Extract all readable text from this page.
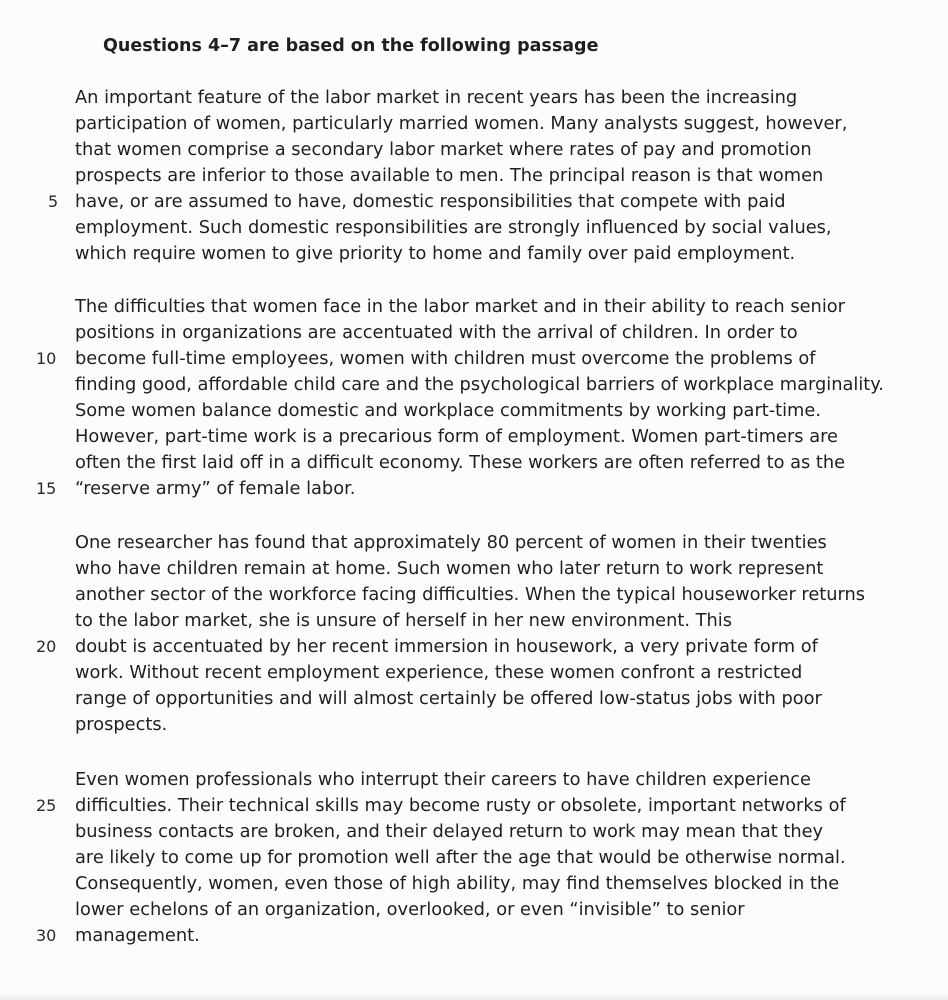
Questions 4–7 are based on the following passage
An important feature of the labor market in recent years has been the increasing
participation of women, particularly married women. Many analysts suggest, however,
that women comprise a secondary labor market where rates of pay and promotion
prospects are inferior to those available to men. The principal reason is that women
have, or are assumed to have, domestic responsibilities that compete with paid
employment. Such domestic responsibilities are strongly influenced by social values,
which require women to give priority to home and family over paid employment.
The difficulties that women face in the labor market and in their ability to reach senior
positions in organizations are accentuated with the arrival of children. In order to
become full-time employees, women with children must overcome the problems of
finding good, affordable child care and the psychological barriers of workplace marginality.
Some women balance domestic and workplace commitments by working part-time.
However, part-time work is a precarious form of employment. Women part-timers are
often the first laid off in a difficult economy. These workers are often referred to as the
“reserve army” of female labor.
One researcher has found that approximately 80 percent of women in their twenties
who have children remain at home. Such women who later return to work represent
another sector of the workforce facing difficulties. When the typical houseworker returns
to the labor market, she is unsure of herself in her new environment. This
doubt is accentuated by her recent immersion in housework, a very private form of
work. Without recent employment experience, these women confront a restricted
range of opportunities and will almost certainly be offered low-status jobs with poor
prospects.
Even women professionals who interrupt their careers to have children experience
difficulties. Their technical skills may become rusty or obsolete, important networks of
business contacts are broken, and their delayed return to work may mean that they
are likely to come up for promotion well after the age that would be otherwise normal.
Consequently, women, even those of high ability, may find themselves blocked in the
lower echelons of an organization, overlooked, or even “invisible” to senior
management.
5
10
15
20
25
30
